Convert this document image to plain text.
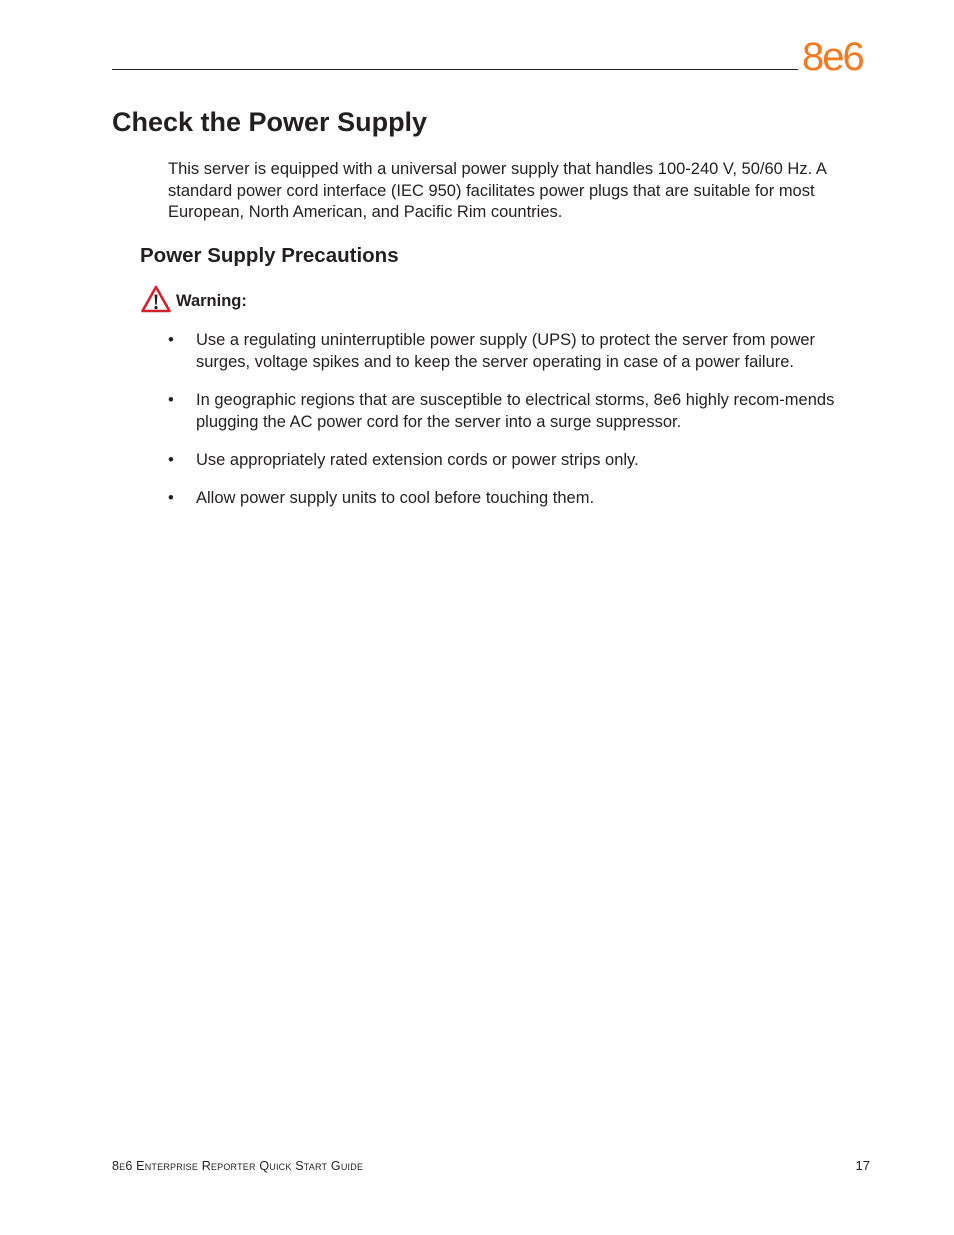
8e6
Check the Power Supply

This server is equipped with a universal power supply that handles 100-240 V, 50/60 Hz. A standard power cord interface (IEC 950) facilitates power plugs that are suitable for most European, North American, and Pacific Rim countries.

Power Supply Precautions
Warning:
• Use a regulating uninterruptible power supply (UPS) to protect the server from power surges, voltage spikes and to keep the server operating in case of a power failure.
• In geographic regions that are susceptible to electrical storms, 8e6 highly recom-mends plugging the AC power cord for the server into a surge suppressor.
• Use appropriately rated extension cords or power strips only.
• Allow power supply units to cool before touching them.
8e6 Enterprise Reporter Quick Start Guide	17
